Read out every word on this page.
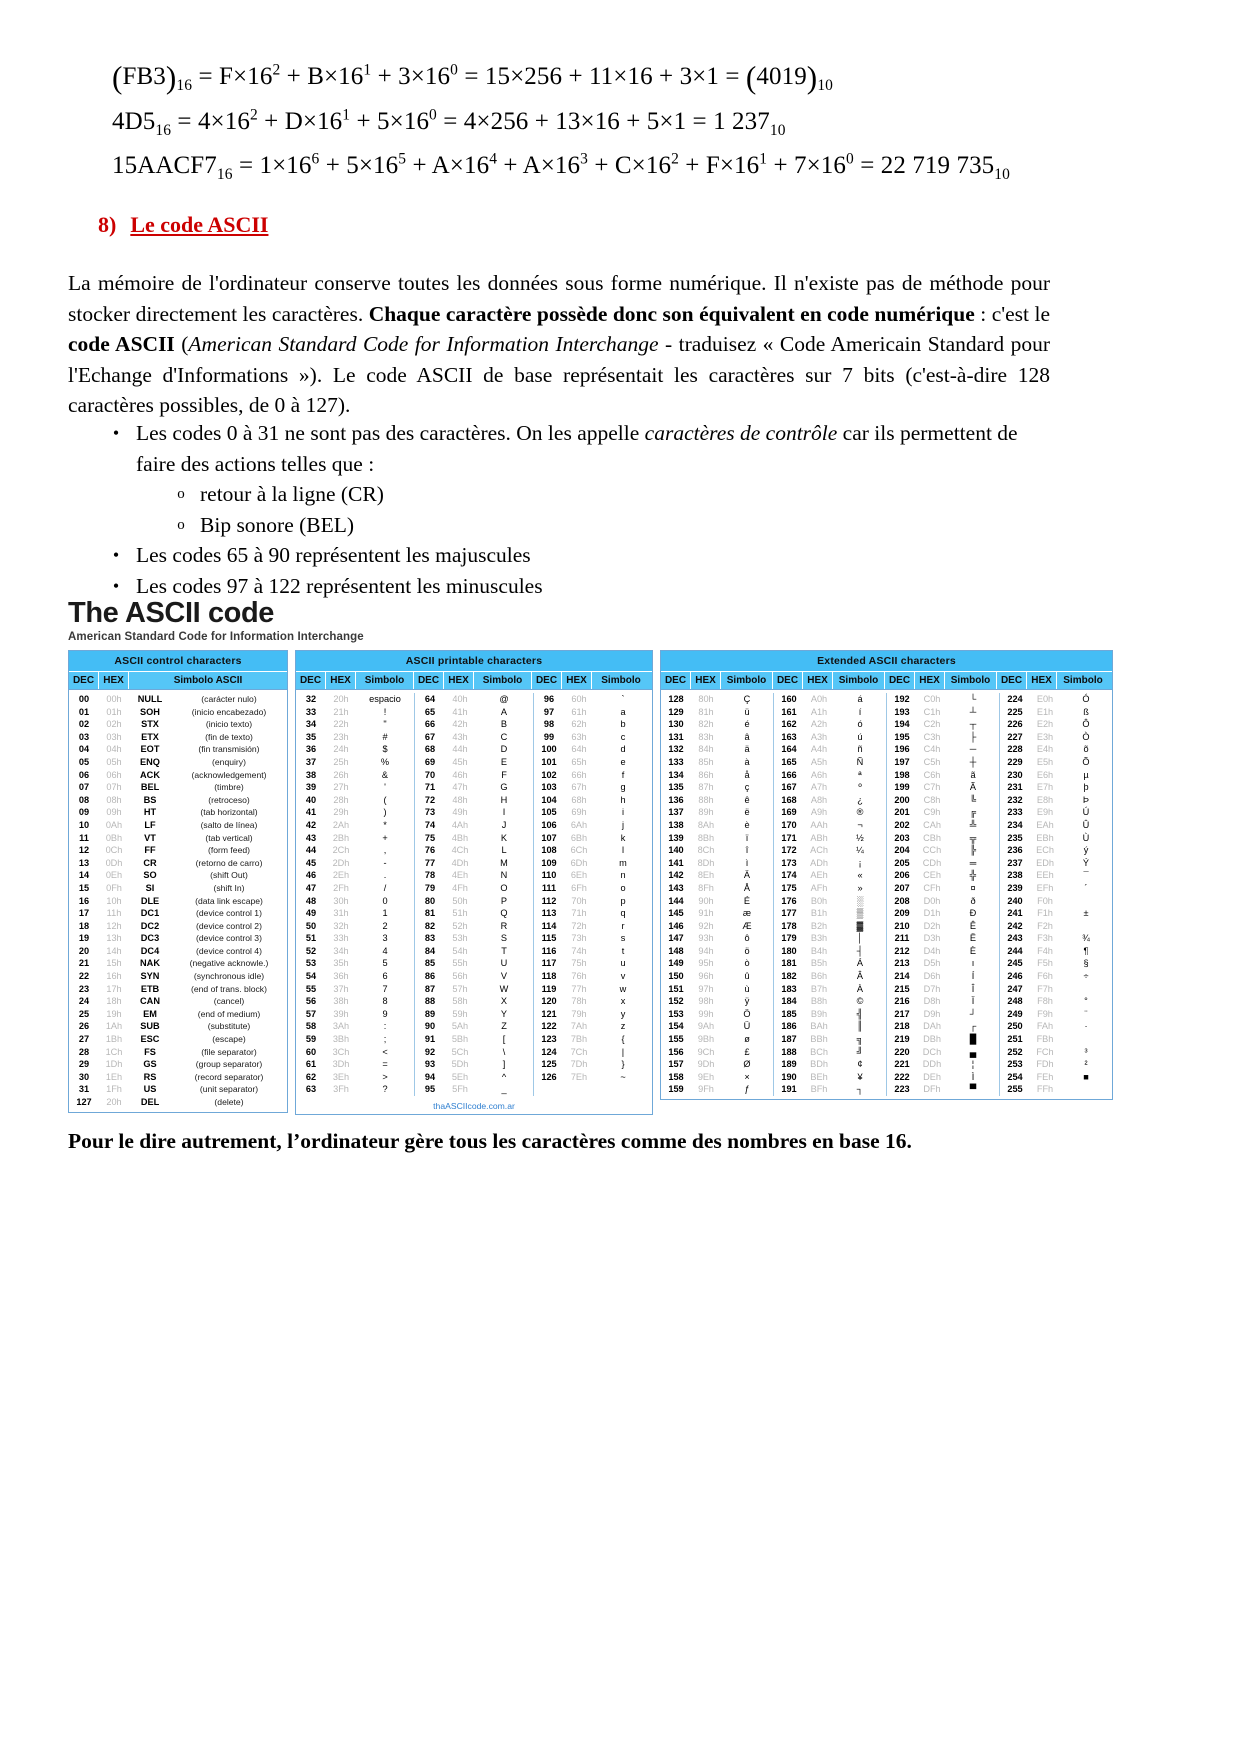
$(FB3)_{16} = F\times 16^2 + B\times 16^1 + 3\times 16^0 = 15\times 256 + 11\times 16 + 3\times 1 = (4019)_{10}$
$4D5_{16} = 4\times 16^2 + D\times 16^1 + 5\times 16^0 = 4\times 256 + 13\times 16 + 5\times 1 = 1$ $237_{10}$
$15AACF7_{16} = 1\times 16^6 + 5\times 16^5 + A\times 16^4 + A\times 16^3 + C\times 16^2 + F\times 16^1 + 7\times 16^0 = 22$ 719 $735_{10}$
8) Le code ASCII
La mémoire de l'ordinateur conserve toutes les données sous forme numérique. Il n'existe pas de méthode pour stocker directement les caractères. Chaque caractère possède donc son équivalent en code numérique : c'est le code ASCII (American Standard Code for Information Interchange - traduisez « Code Americain Standard pour l'Echange d'Informations »). Le code ASCII de base représentait les caractères sur 7 bits (c'est-à-dire 128 caractères possibles, de 0 à 127).
• Les codes 0 à 31 ne sont pas des caractères. On les appelle caractères de contrôle car ils permettent de faire des actions telles que :
o retour à la ligne (CR)
o Bip sonore (BEL)
• Les codes 65 à 90 représentent les majuscules
• Les codes 97 à 122 représentent les minuscules
The ASCII code
American Standard Code for Information Interchange
ASCII control characters
DEC HEX	Simbolo ASCII
00	00h	NULL	(carácter nulo)
01	01h	SOH	(inicio encabezado)
02	02h	STX	(inicio texto)
03	03h	ETX	(fin de texto)
04	04h	EOT	(fin transmisión)
05	05h	ENQ	(enquiry)
06	06h	ACK	(acknowledgement)
07	07h	BEL	(timbre)
08	08h	BS	(retroceso)
09	09h	HT	(tab horizontal)
10	0Ah	LF	(salto de línea)
11	0Bh	VT	(tab vertical)
12	0Ch	FF	(form feed)
13	0Dh	CR	(retorno de carro)
14	0Eh	SO	(shift Out)
15	0Fh	SI	(shift In)
16	10h	DLE	(data link escape)
17	11h	DC1	(device control 1)
18	12h	DC2	(device control 2)
19	13h	DC3	(device control 3)
20	14h	DC4	(device control 4)
21	15h	NAK	(negative acknowle.)
22	16h	SYN	(synchronous idle)
23	17h	ETB	(end of trans. block)
24	18h	CAN	(cancel)
25	19h	EM	(end of medium)
26	1Ah	SUB	(substitute)
27	1Bh	ESC	(escape)
28	1Ch	FS	(file separator)
29	1Dh	GS	(group separator)
30	1Eh	RS	(record separator)
31	1Fh	US	(unit separator)
127	20h	DEL	(delete)
ASCII printable characters
DEC HEX	Simbolo	DEC HEX	Simbolo	DEC HEX	Simbolo
32	20h	espacio	64	40h	@	96	60h	`
33	21h	!	65	41h	A	97	61h	a
34	22h	"	66	42h	B	98	62h	b
35	23h	#	67	43h	C	99	63h	c
36	24h	$	68	44h	D	100	64h	d
37	25h	%	69	45h	E	101	65h	e
38	26h	&	70	46h	F	102	66h	f
39	27h	'	71	47h	G	103	67h	g
40	28h	(	72	48h	H	104	68h	h
41	29h	)	73	49h	I	105	69h	i
42	2Ah	*	74	4Ah	J	106	6Ah	j
43	2Bh	+	75	4Bh	K	107	6Bh	k
44	2Ch	,	76	4Ch	L	108	6Ch	l
45	2Dh	-	77	4Dh	M	109	6Dh	m
46	2Eh	.	78	4Eh	N	110	6Eh	n
47	2Fh	/	79	4Fh	O	111	6Fh	o
48	30h	0	80	50h	P	112	70h	p
49	31h	1	81	51h	Q	113	71h	q
50	32h	2	82	52h	R	114	72h	r
51	33h	3	83	53h	S	115	73h	s
52	34h	4	84	54h	T	116	74h	t
53	35h	5	85	55h	U	117	75h	u
54	36h	6	86	56h	V	118	76h	v
55	37h	7	87	57h	W	119	77h	w
56	38h	8	88	58h	X	120	78h	x
57	39h	9	89	59h	Y	121	79h	y
58	3Ah	:	90	5Ah	Z	122	7Ah	z
59	3Bh	;	91	5Bh	[	123	7Bh	{
60	3Ch	<	92	5Ch	\	124	7Ch	|
61	3Dh	=	93	5Dh	]	125	7Dh	}
62	3Eh	>	94	5Eh	^	126	7Eh	~
63	3Fh	?	95	5Fh	_
thaASCIIcode.com.ar
Extended ASCII characters
DEC HEX	Simbolo	DEC HEX	Simbolo	DEC HEX	Simbolo	DEC HEX	Simbolo
128	80h	Ç	160	A0h	á	192	C0h	└	224	E0h	Ó
129	81h	ü	161	A1h	í	193	C1h	┴	225	E1h	ß
130	82h	é	162	A2h	ó	194	C2h	┬	226	E2h	Ô
131	83h	â	163	A3h	ú	195	C3h	├	227	E3h	Ò
132	84h	ä	164	A4h	ñ	196	C4h	─	228	E4h	õ
133	85h	à	165	A5h	Ñ	197	C5h	┼	229	E5h	Õ
134	86h	å	166	A6h	ª	198	C6h	ã	230	E6h	µ
135	87h	ç	167	A7h	º	199	C7h	Ã	231	E7h	þ
136	88h	ê	168	A8h	¿	200	C8h	╚	232	E8h	Þ
137	89h	ë	169	A9h	®	201	C9h	╔	233	E9h	Ú
138	8Ah	è	170	AAh	¬	202	CAh	╩	234	EAh	Û
139	8Bh	ï	171	ABh	½	203	CBh	╦	235	EBh	Ù
140	8Ch	î	172	ACh	¼	204	CCh	╠	236	ECh	ý
141	8Dh	ì	173	ADh	¡	205	CDh	═	237	EDh	Ý
142	8Eh	Ä	174	AEh	«	206	CEh	╬	238	EEh	¯
143	8Fh	Å	175	AFh	»	207	CFh	¤	239	EFh	´
144	90h	É	176	B0h	░	208	D0h	ð	240	F0h
145	91h	æ	177	B1h	▒	209	D1h	Ð	241	F1h	±
146	92h	Æ	178	B2h	▓	210	D2h	Ê	242	F2h
147	93h	ô	179	B3h	│	211	D3h	Ë	243	F3h	¾
148	94h	ö	180	B4h	┤	212	D4h	È	244	F4h	¶
149	95h	ò	181	B5h	Á	213	D5h	ı	245	F5h	§
150	96h	û	182	B6h	Â	214	D6h	Í	246	F6h	÷
151	97h	ù	183	B7h	À	215	D7h	Î	247	F7h
152	98h	ÿ	184	B8h	©	216	D8h	Ï	248	F8h	°
153	99h	Ö	185	B9h	╣	217	D9h	┘	249	F9h	¨
154	9Ah	Ü	186	BAh	║	218	DAh	┌	250	FAh	·
155	9Bh	ø	187	BBh	╗	219	DBh	█	251	FBh
156	9Ch	£	188	BCh	╝	220	DCh	▄	252	FCh	³
157	9Dh	Ø	189	BDh	¢	221	DDh	¦	253	FDh	²
158	9Eh	×	190	BEh	¥	222	DEh	Ì	254	FEh	■
159	9Fh	ƒ	191	BFh	┐	223	DFh	▀	255	FFh
Pour le dire autrement, l’ordinateur gère tous les caractères comme des nombres en base 16.
